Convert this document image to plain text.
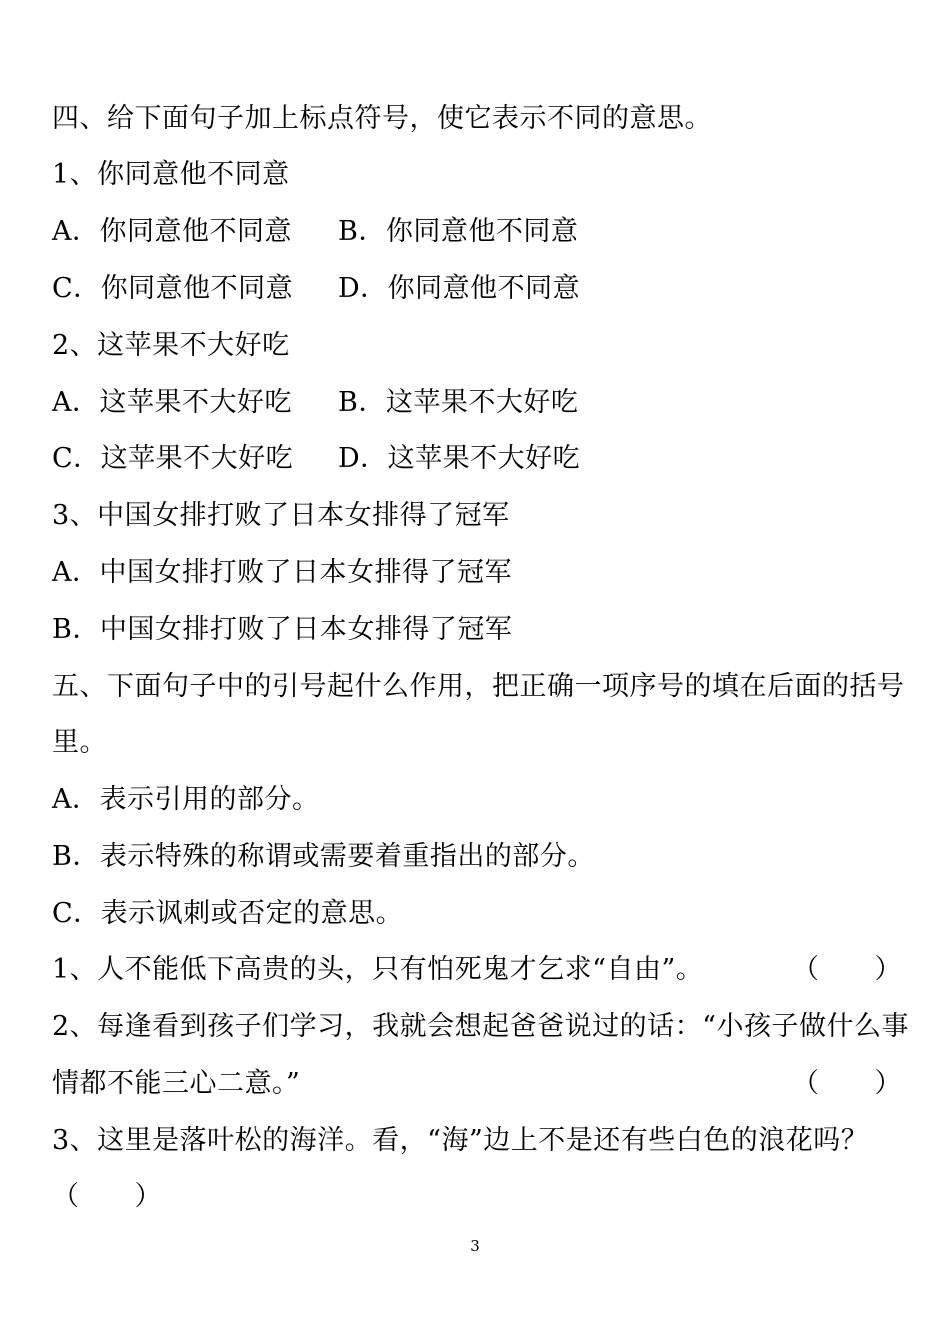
四、给下面句子加上标点符号，使它表示不同的意思。
1、你同意他不同意
A．你同意他不同意 B．你同意他不同意
C．你同意他不同意 D．你同意他不同意
2、这苹果不大好吃
A．这苹果不大好吃 B．这苹果不大好吃
C．这苹果不大好吃 D．这苹果不大好吃
3、中国女排打败了日本女排得了冠军
A．中国女排打败了日本女排得了冠军
B．中国女排打败了日本女排得了冠军
五、下面句子中的引号起什么作用，把正确一项序号的填在后面的括号
里。
A．表示引用的部分。
B．表示特殊的称谓或需要着重指出的部分。
C．表示讽刺或否定的意思。
1、人不能低下高贵的头，只有怕死鬼才乞求“自由”。	（　　）
2、每逢看到孩子们学习，我就会想起爸爸说过的话：“小孩子做什么事
情都不能三心二意。”	（　　）
3、这里是落叶松的海洋。看，“海”边上不是还有些白色的浪花吗？
（　　）
3
